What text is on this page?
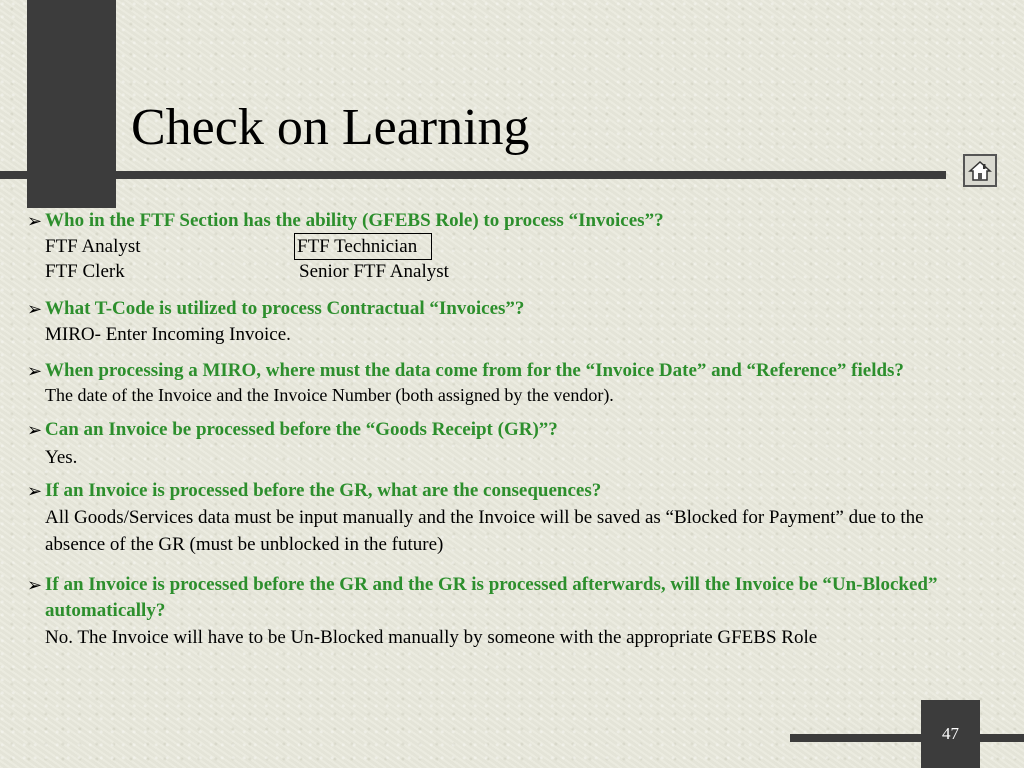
Check on Learning
➢ Who in the FTF Section has the ability (GFEBS Role) to process “Invoices”?
FTF Analyst	FTF Technician
FTF Clerk	Senior FTF Analyst
➢ What T-Code is utilized to process Contractual “Invoices”?
MIRO- Enter Incoming Invoice.
➢ When processing a MIRO, where must the data come from for the “Invoice Date” and “Reference” fields?
The date of the Invoice and the Invoice Number (both assigned by the vendor).
➢ Can an Invoice be processed before the “Goods Receipt (GR)”?
Yes.
➢ If an Invoice is processed before the GR, what are the consequences?
All Goods/Services data must be input manually and the Invoice will be saved as “Blocked for Payment” due to the absence of the GR (must be unblocked in the future)
➢ If an Invoice is processed before the GR and the GR is processed afterwards, will the Invoice be “Un-Blocked” automatically?
No. The Invoice will have to be Un-Blocked manually by someone with the appropriate GFEBS Role
47
